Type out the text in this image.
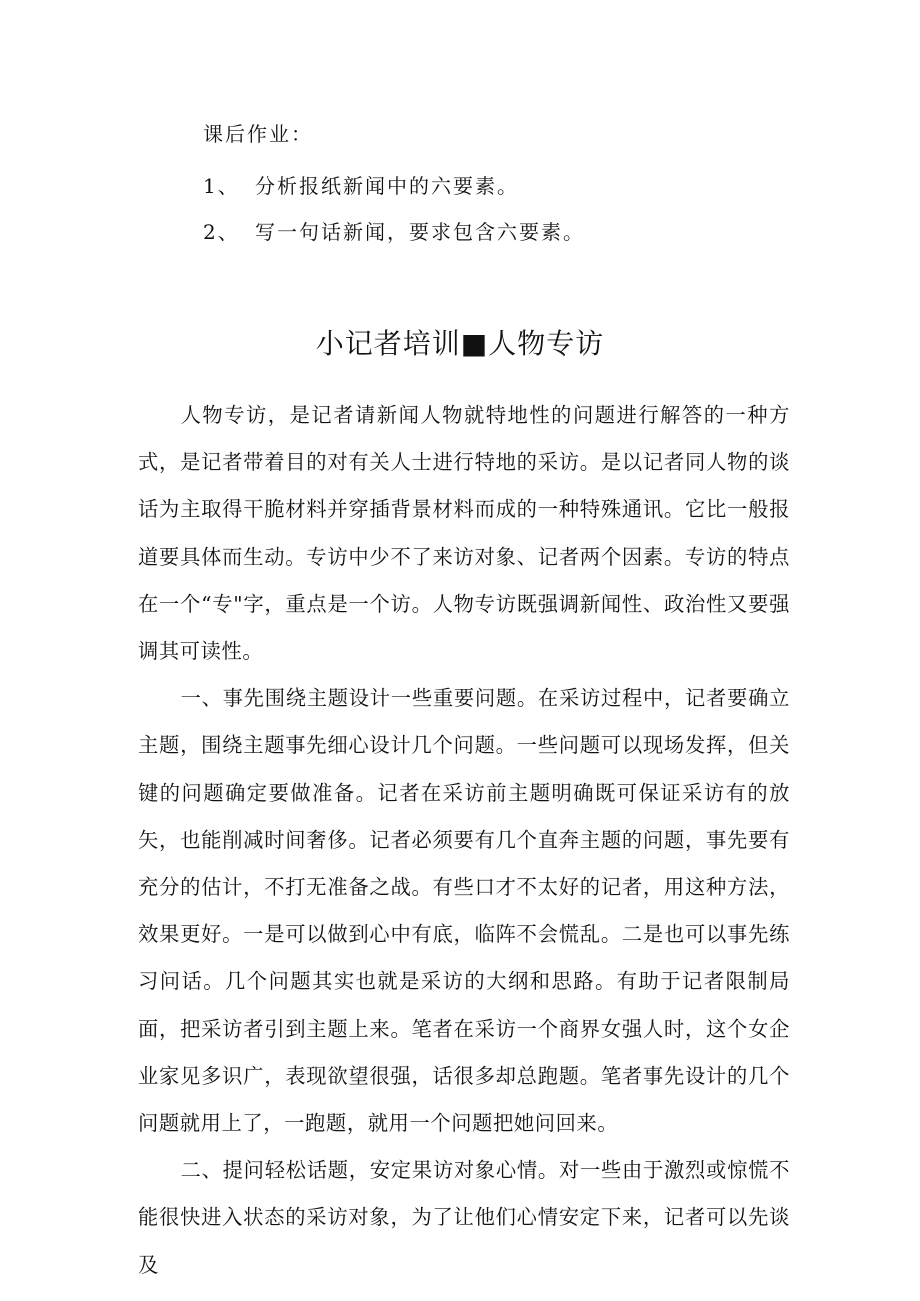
课后作业：
1、 分析报纸新闻中的六要素。
2、 写一句话新闻，要求包含六要素。
小记者培训■人物专访

人物专访，是记者请新闻人物就特地性的问题进行解答的一种方式，是记者带着目的对有关人士进行特地的采访。是以记者同人物的谈话为主取得干脆材料并穿插背景材料而成的一种特殊通讯。它比一般报道要具体而生动。专访中少不了来访对象、记者两个因素。专访的特点在一个“专"字，重点是一个访。人物专访既强调新闻性、政治性又要强调其可读性。

一、事先围绕主题设计一些重要问题。在采访过程中，记者要确立主题，围绕主题事先细心设计几个问题。一些问题可以现场发挥，但关键的问题确定要做准备。记者在采访前主题明确既可保证采访有的放矢，也能削减时间奢侈。记者必须要有几个直奔主题的问题，事先要有充分的估计，不打无准备之战。有些口才不太好的记者，用这种方法，效果更好。一是可以做到心中有底，临阵不会慌乱。二是也可以事先练习问话。几个问题其实也就是采访的大纲和思路。有助于记者限制局面，把采访者引到主题上来。笔者在采访一个商界女强人时，这个女企业家见多识广，表现欲望很强，话很多却总跑题。笔者事先设计的几个问题就用上了，一跑题，就用一个问题把她问回来。

二、提问轻松话题，安定果访对象心情。对一些由于激烈或惊慌不能很快进入状态的采访对象，为了让他们心情安定下来，记者可以先谈及
